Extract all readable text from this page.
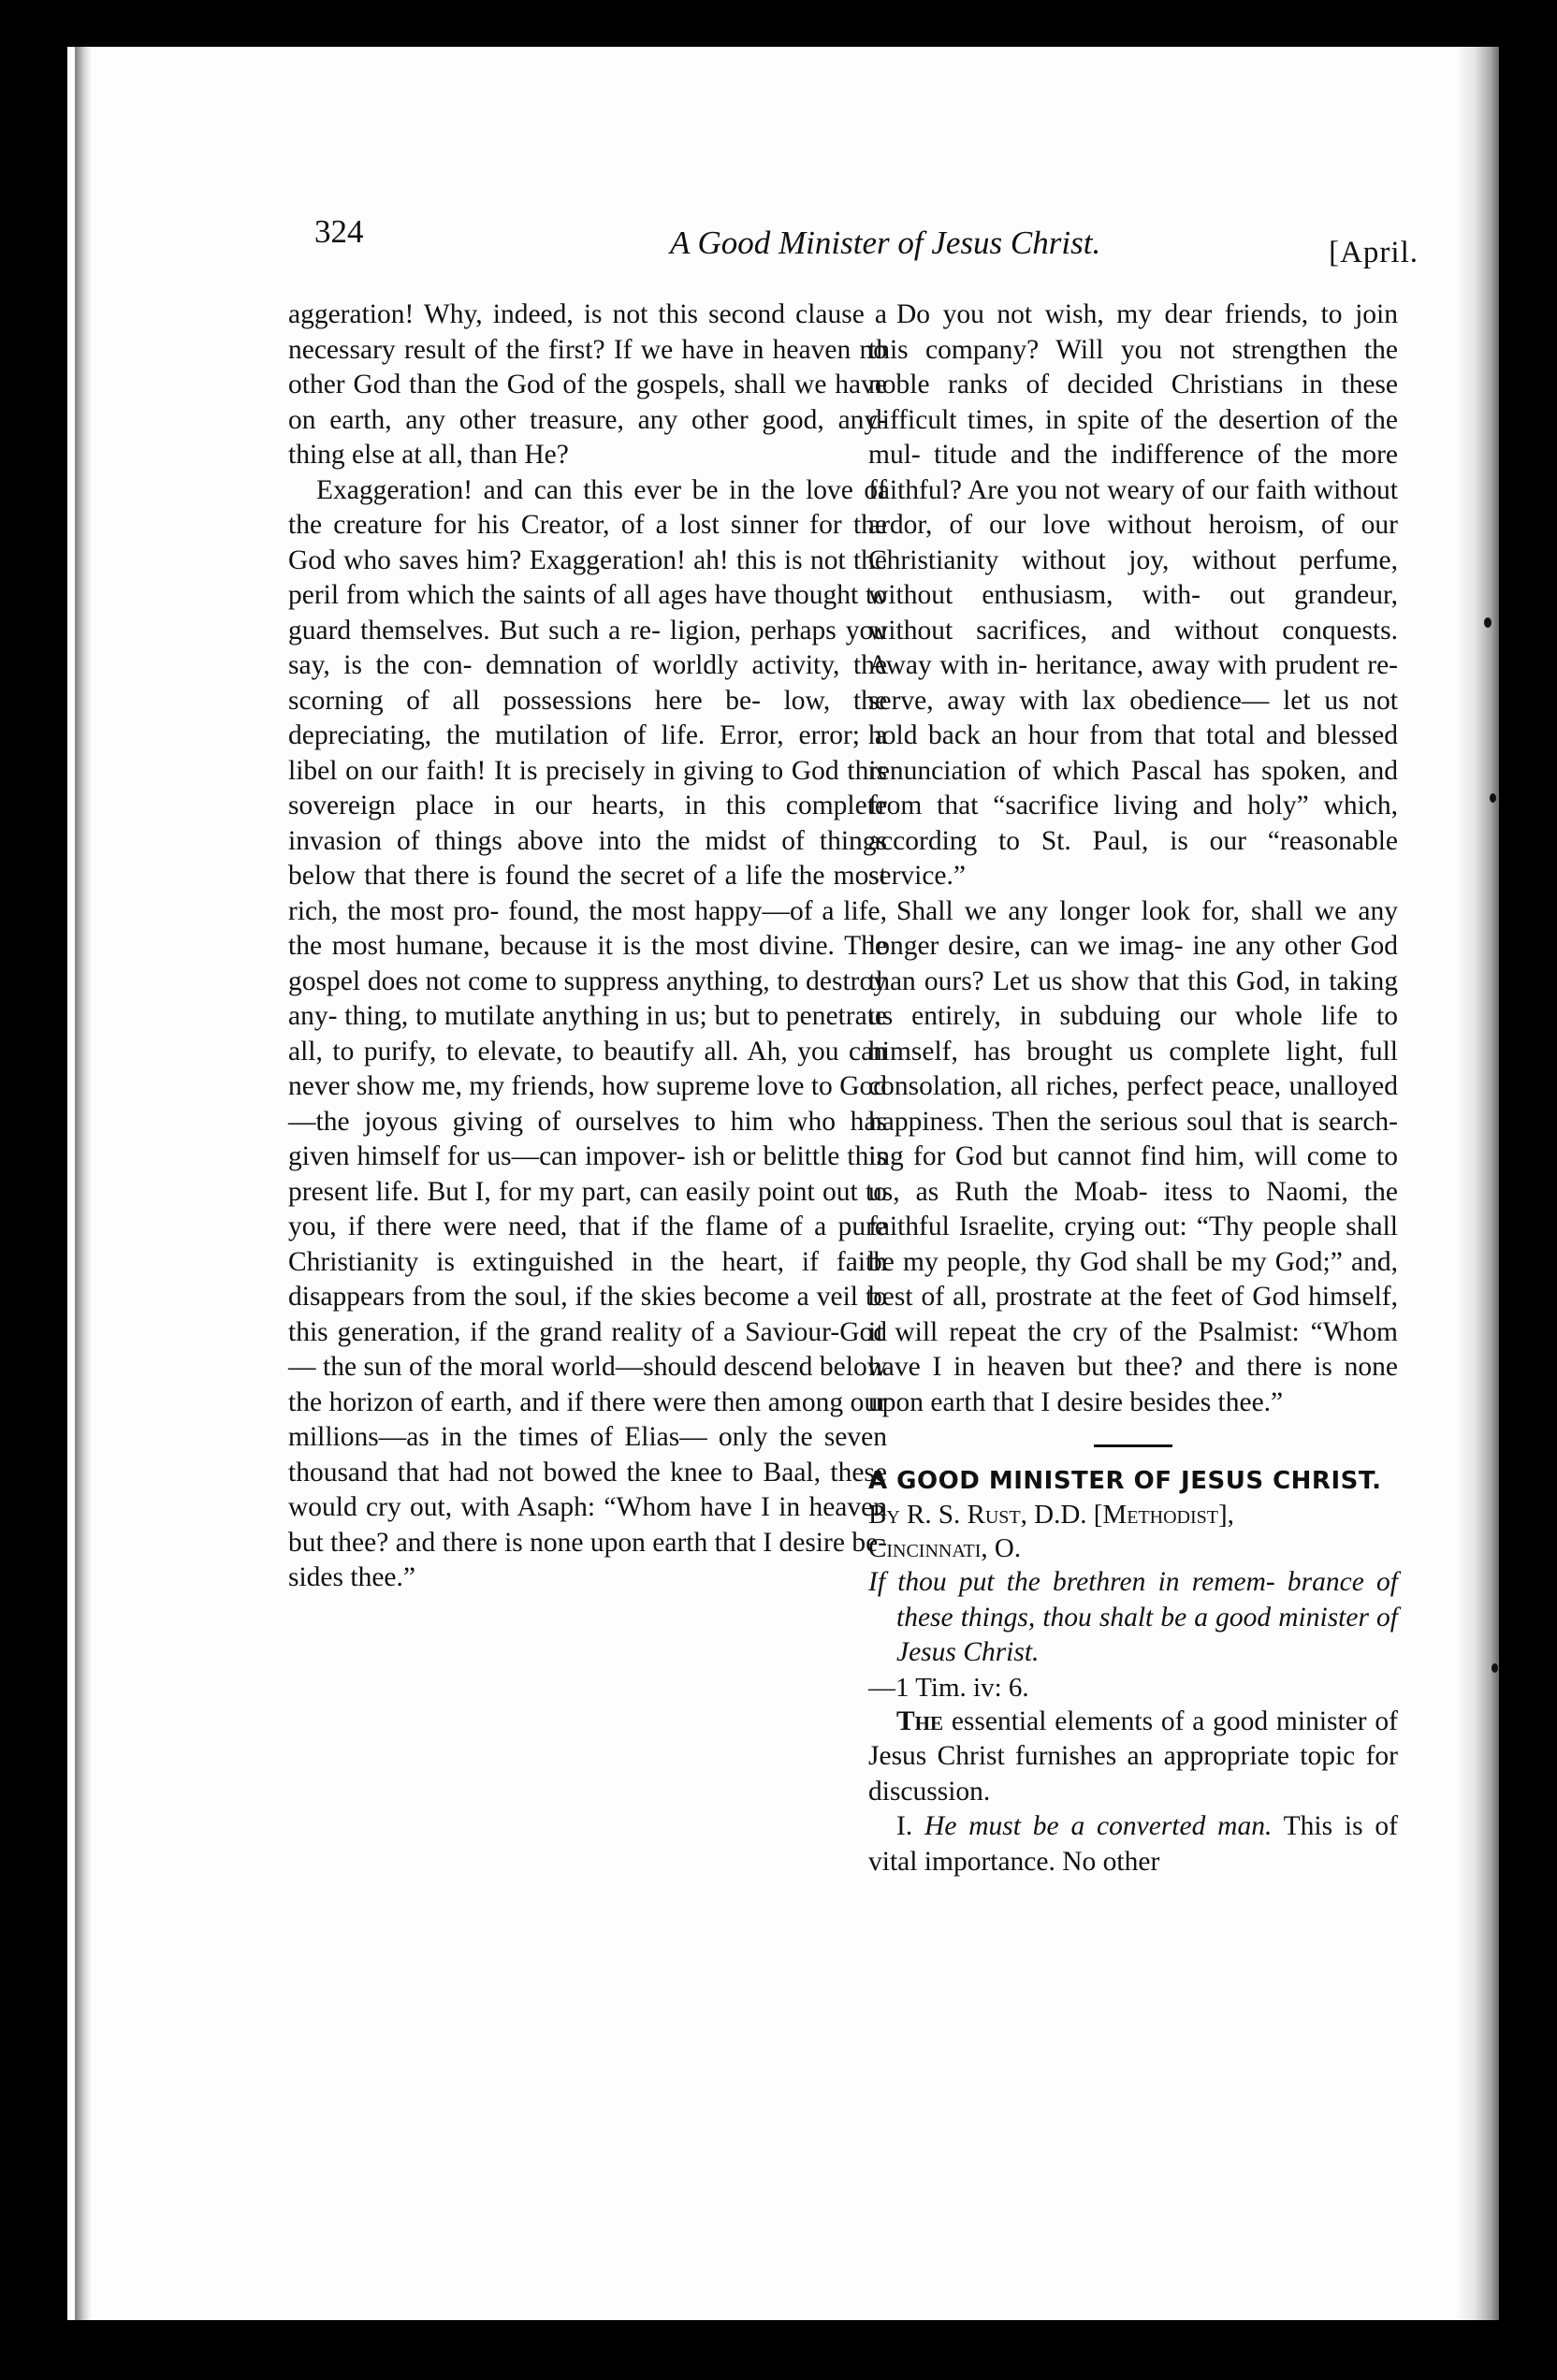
324	A Good Minister of Jesus Christ.	[April.

aggeration! Why, indeed, is not this second clause a necessary result of the first? If we have in heaven no other God than the God of the gospels, shall we have on earth, any other treasure, any other good, any- thing else at all, than He?

Exaggeration! and can this ever be in the love of the creature for his Creator, of a lost sinner for the God who saves him? Exaggeration! ah! this is not the peril from which the saints of all ages have thought to guard themselves. But such a re- ligion, perhaps you say, is the con- demnation of worldly activity, the scorning of all possessions here be- low, the depreciating, the mutilation of life. Error, error; a libel on our faith! It is precisely in giving to God this sovereign place in our hearts, in this complete invasion of things above into the midst of things below that there is found the secret of a life the most rich, the most pro- found, the most happy—of a life, the most humane, because it is the most divine. The gospel does not come to suppress anything, to destroy any- thing, to mutilate anything in us; but to penetrate all, to purify, to elevate, to beautify all. Ah, you can never show me, my friends, how supreme love to God—the joyous giving of ourselves to him who has given himself for us—can impover- ish or belittle this present life. But I, for my part, can easily point out to you, if there were need, that if the flame of a pure Christianity is extinguished in the heart, if faith disappears from the soul, if the skies become a veil to this generation, if the grand reality of a Saviour-God— the sun of the moral world—should descend below the horizon of earth, and if there were then among our millions—as in the times of Elias— only the seven thousand that had not bowed the knee to Baal, these would cry out, with Asaph: “Whom have I in heaven but thee? and there is none upon earth that I desire be- sides thee.”

Do you not wish, my dear friends, to join this company? Will you not strengthen the noble ranks of decided Christians in these difficult times, in spite of the desertion of the mul- titude and the indifference of the more faithful? Are you not weary of our faith without ardor, of our love without heroism, of our Christianity without joy, without perfume, without enthusiasm, with- out grandeur, without sacrifices, and without conquests. Away with in- heritance, away with prudent re- serve, away with lax obedience— let us not hold back an hour from that total and blessed renunciation of which Pascal has spoken, and from that “sacrifice living and holy” which, according to St. Paul, is our “reasonable service.”

Shall we any longer look for, shall we any longer desire, can we imag- ine any other God than ours? Let us show that this God, in taking us entirely, in subduing our whole life to himself, has brought us complete light, full consolation, all riches, perfect peace, unalloyed happiness. Then the serious soul that is search- ing for God but cannot find him, will come to us, as Ruth the Moab- itess to Naomi, the faithful Israelite, crying out: “Thy people shall be my people, thy God shall be my God;” and, best of all, prostrate at the feet of God himself, it will repeat the cry of the Psalmist: “Whom have I in heaven but thee? and there is none upon earth that I desire besides thee.”

A GOOD MINISTER OF JESUS CHRIST.

By R. S. Rust, D.D. [Methodist],

Cincinnati, O.

If thou put the brethren in remem- brance of these things, thou shalt be a good minister of Jesus Christ.

—1 Tim. iv: 6.

The essential elements of a good minister of Jesus Christ furnishes an appropriate topic for discussion.

I. He must be a converted man. This is of vital importance. No other
